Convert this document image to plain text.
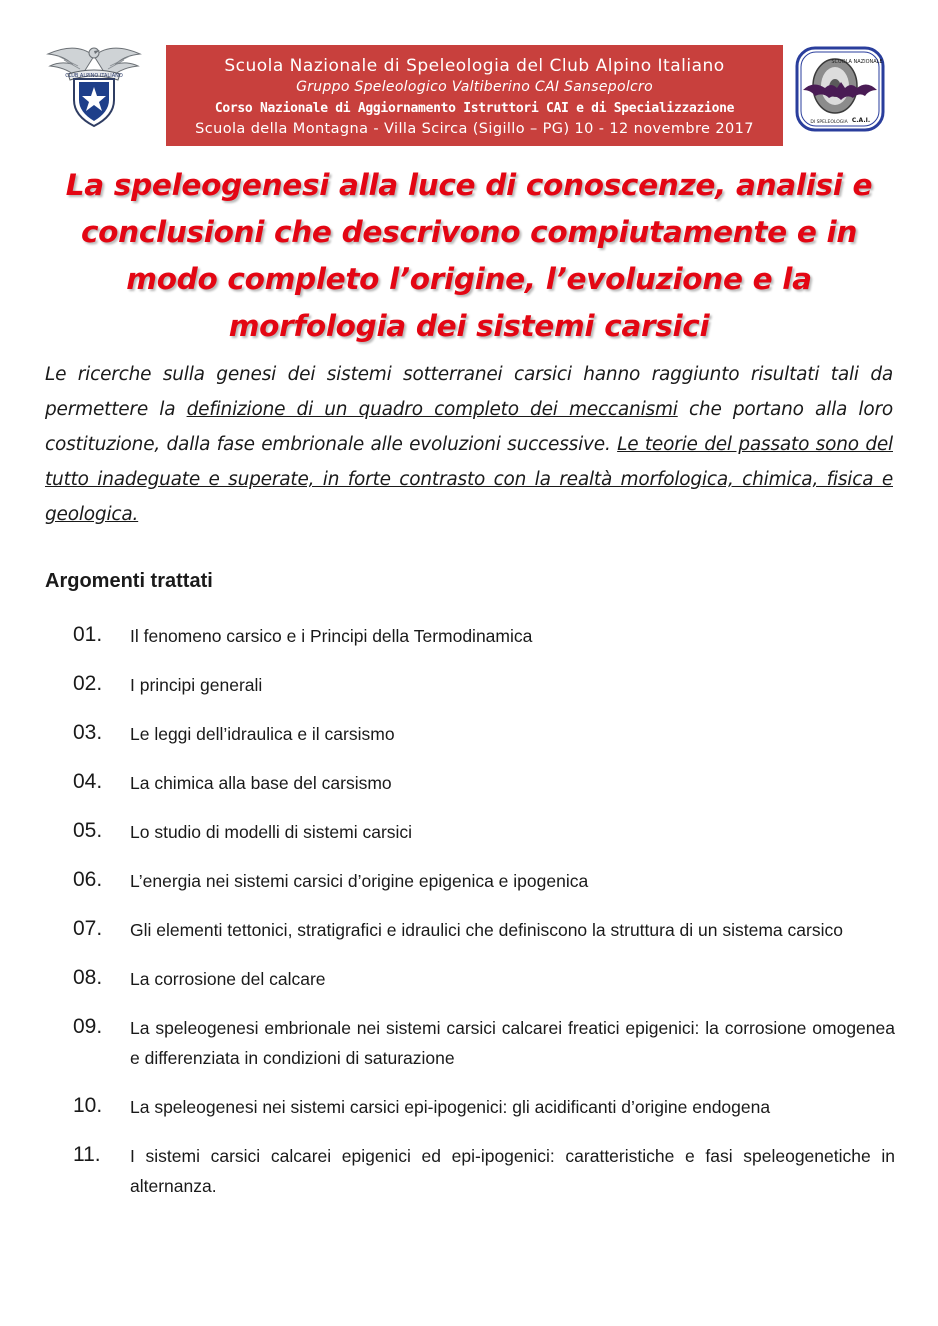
CLUB ALPINO ITALIANO	Scuola Nazionale di Speleologia del Club Alpino Italiano
Gruppo Speleologico Valtiberino CAI Sansepolcro
Corso Nazionale di Aggiornamento Istruttori CAI e di Specializzazione
Scuola della Montagna - Villa Scirca (Sigillo – PG) 10 - 12 novembre 2017
SCUOLA NAZIONALE
DI SPELEOLOGIA C.A.I.
La speleogenesi alla luce di conoscenze, analisi e conclusioni che descrivono compiutamente e in modo completo l’origine, l’evoluzione e la morfologia dei sistemi carsici

Le ricerche sulla genesi dei sistemi sotterranei carsici hanno raggiunto risultati tali da permettere la definizione di un quadro completo dei meccanismi che portano alla loro costituzione, dalla fase embrionale alle evoluzioni successive. Le teorie del passato sono del tutto inadeguate e superate, in forte contrasto con la realtà morfologica, chimica, fisica e geologica.

Argomenti trattati
01.	Il fenomeno carsico e i Principi della Termodinamica
02.	I principi generali
03.	Le leggi dell’idraulica e il carsismo
04.	La chimica alla base del carsismo
05.	Lo studio di modelli di sistemi carsici
06.	L’energia nei sistemi carsici d’origine epigenica e ipogenica
07.	Gli elementi tettonici, stratigrafici e idraulici che definiscono la struttura di un sistema carsico
08.	La corrosione del calcare
09.	La speleogenesi embrionale nei sistemi carsici calcarei freatici epigenici: la corrosione omogenea e differenziata in condizioni di saturazione
10.	La speleogenesi nei sistemi carsici epi-ipogenici: gli acidificanti d’origine endogena
11.	I sistemi carsici calcarei epigenici ed epi-ipogenici: caratteristiche e fasi speleogenetiche in alternanza.
